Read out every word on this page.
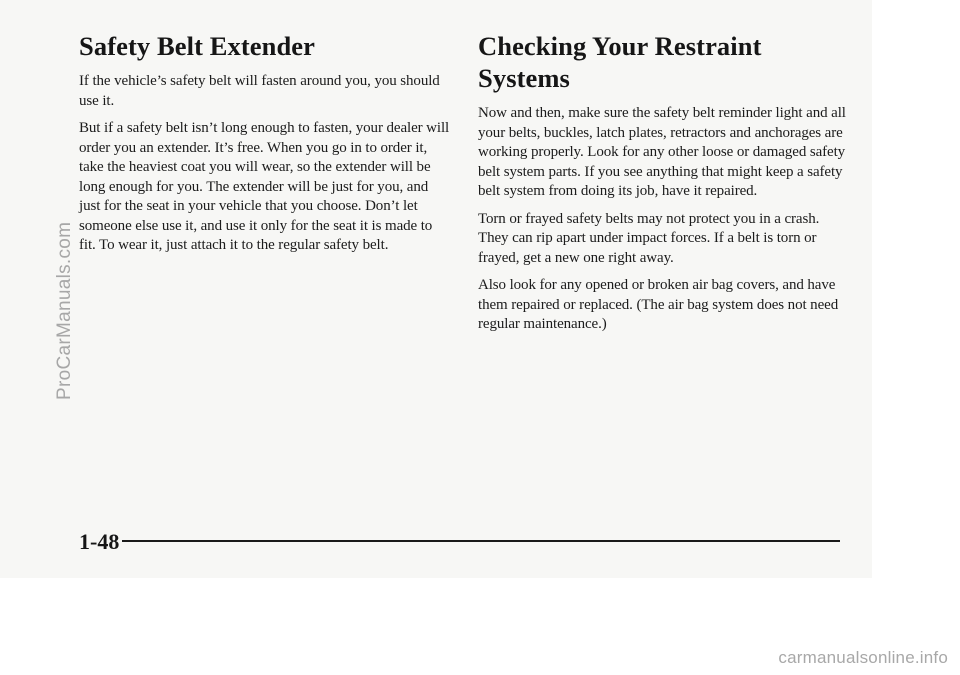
Safety Belt Extender

If the vehicle’s safety belt will fasten around you, you should use it.

But if a safety belt isn’t long enough to fasten, your dealer will order you an extender. It’s free. When you go in to order it, take the heaviest coat you will wear, so the extender will be long enough for you. The extender will be just for you, and just for the seat in your vehicle that you choose. Don’t let someone else use it, and use it only for the seat it is made to fit. To wear it, just attach it to the regular safety belt.

Checking Your Restraint Systems

Now and then, make sure the safety belt reminder light and all your belts, buckles, latch plates, retractors and anchorages are working properly. Look for any other loose or damaged safety belt system parts. If you see anything that might keep a safety belt system from doing its job, have it repaired.

Torn or frayed safety belts may not protect you in a crash. They can rip apart under impact forces. If a belt is torn or frayed, get a new one right away.

Also look for any opened or broken air bag covers, and have them repaired or replaced. (The air bag system does not need regular maintenance.)

1-48
ProCarManuals.com
carmanualsonline.info
